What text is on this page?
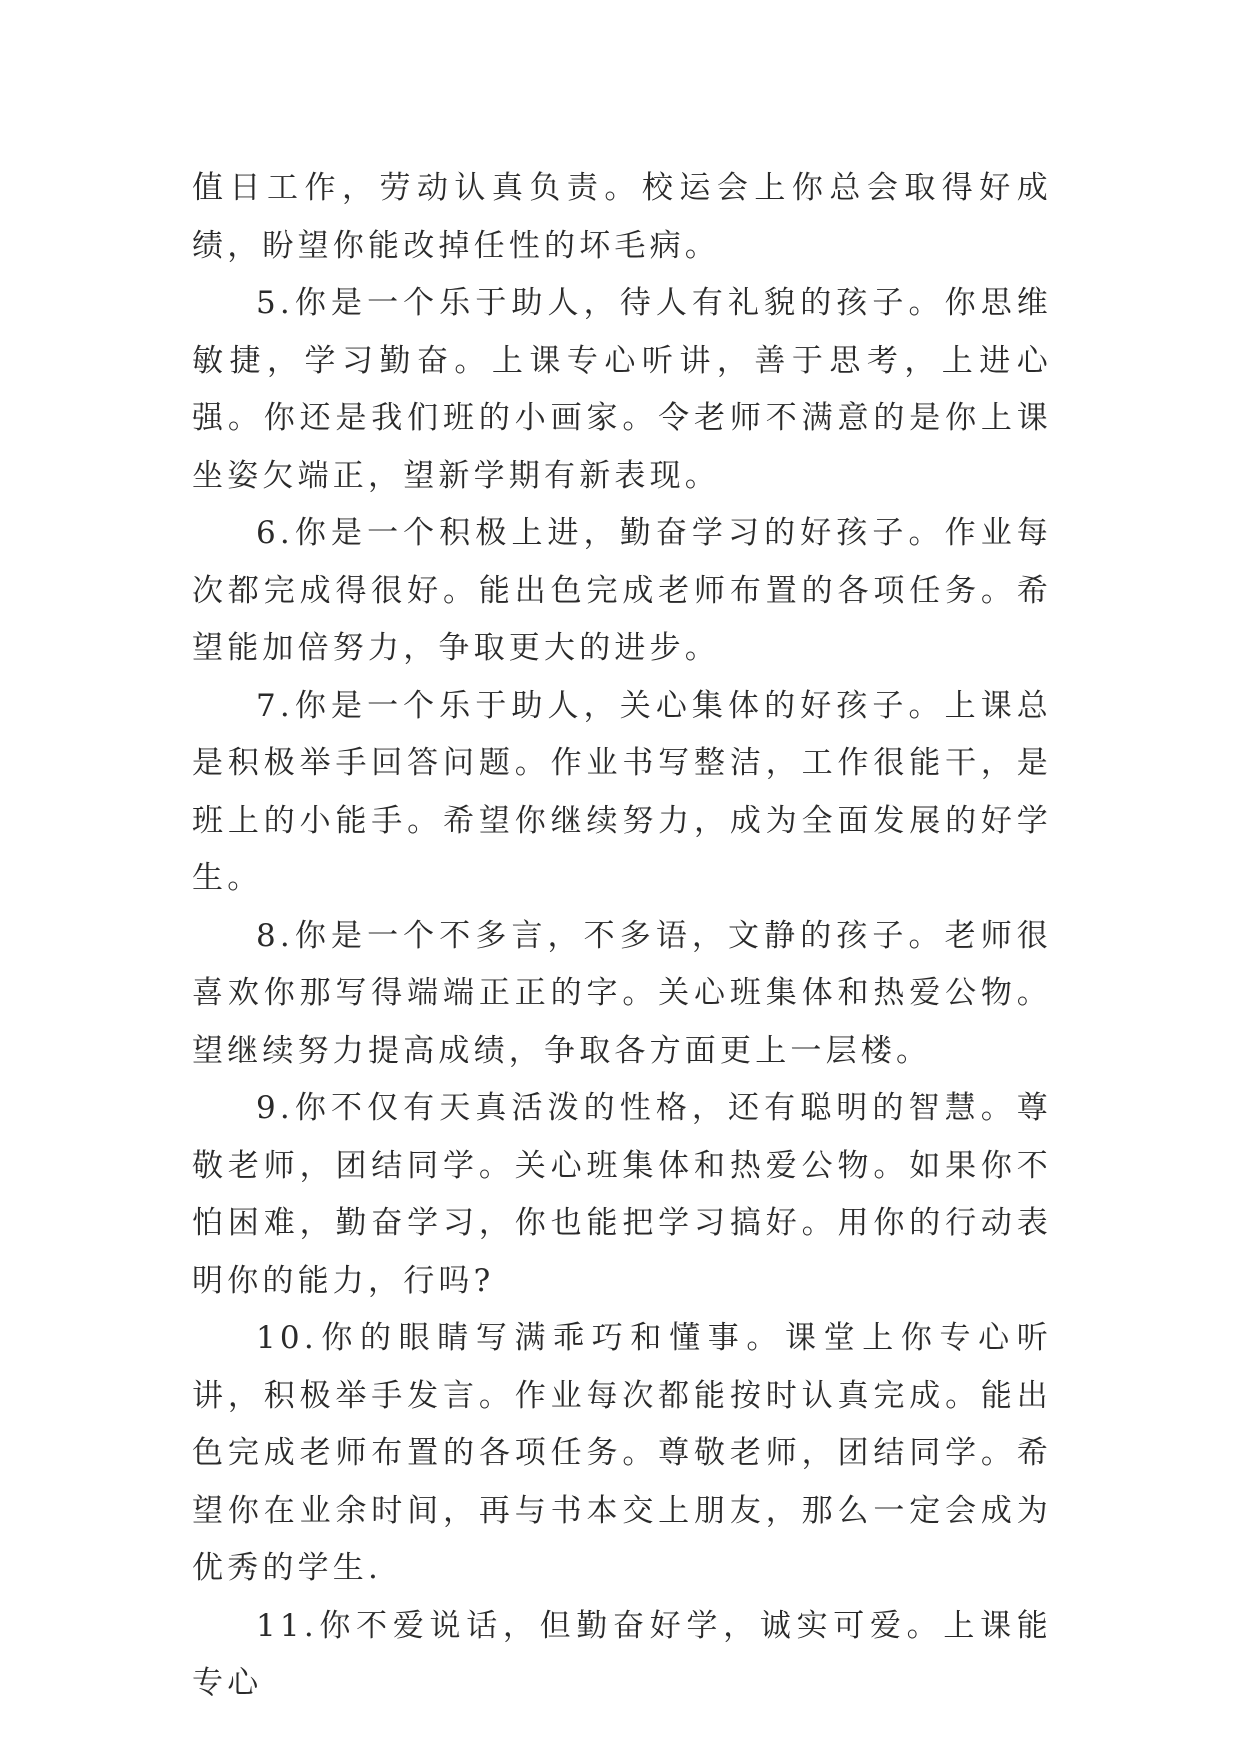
值日工作，劳动认真负责。校运会上你总会取得好成绩，盼望你能改掉任性的坏毛病。

5.你是一个乐于助人，待人有礼貌的孩子。你思维敏捷，学习勤奋。上课专心听讲，善于思考，上进心强。你还是我们班的小画家。令老师不满意的是你上课坐姿欠端正，望新学期有新表现。

6.你是一个积极上进，勤奋学习的好孩子。作业每次都完成得很好。能出色完成老师布置的各项任务。希望能加倍努力，争取更大的进步。

7.你是一个乐于助人，关心集体的好孩子。上课总是积极举手回答问题。作业书写整洁，工作很能干，是班上的小能手。希望你继续努力，成为全面发展的好学生。

8.你是一个不多言，不多语，文静的孩子。老师很喜欢你那写得端端正正的字。关心班集体和热爱公物。望继续努力提高成绩，争取各方面更上一层楼。

9.你不仅有天真活泼的性格，还有聪明的智慧。尊敬老师，团结同学。关心班集体和热爱公物。如果你不怕困难，勤奋学习，你也能把学习搞好。用你的行动表明你的能力，行吗?

10.你的眼睛写满乖巧和懂事。课堂上你专心听讲，积极举手发言。作业每次都能按时认真完成。能出色完成老师布置的各项任务。尊敬老师，团结同学。希望你在业余时间，再与书本交上朋友，那么一定会成为优秀的学生.

11.你不爱说话，但勤奋好学，诚实可爱。上课能专心
